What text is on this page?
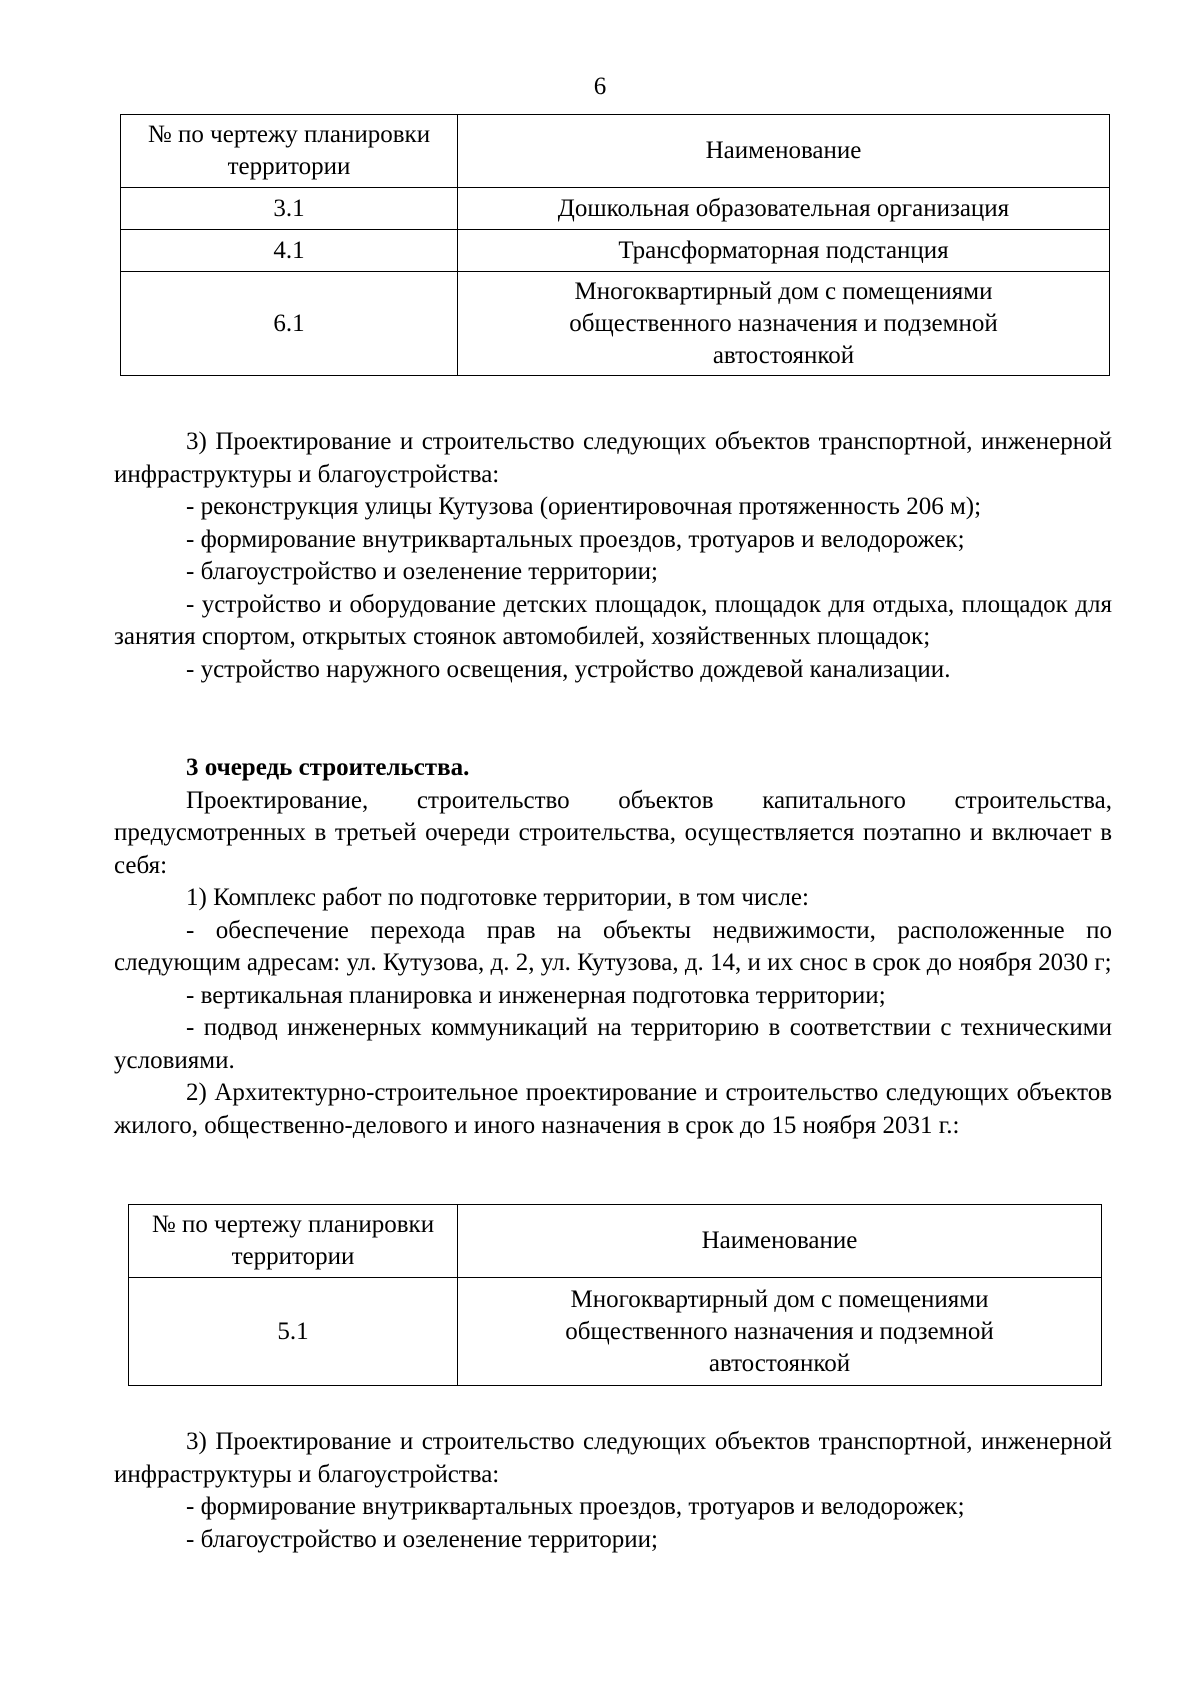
6
№ по чертежу планировки территории	Наименование
3.1	Дошкольная образовательная организация
4.1	Трансформаторная подстанция
6.1	Многоквартирный дом с помещениями общественного назначения и подземной автостоянкой

3) Проектирование и строительство следующих объектов транспортной, инженерной инфраструктуры и благоустройства:

- реконструкция улицы Кутузова (ориентировочная протяженность 206 м);

- формирование внутриквартальных проездов, тротуаров и велодорожек;

- благоустройство и озеленение территории;

- устройство и оборудование детских площадок, площадок для отдыха, площадок для занятия спортом, открытых стоянок автомобилей, хозяйственных площадок;

- устройство наружного освещения, устройство дождевой канализации.

3 очередь строительства.

Проектирование, строительство объектов капитального строительства, предусмотренных в третьей очереди строительства, осуществляется поэтапно и включает в себя:

1) Комплекс работ по подготовке территории, в том числе:

- обеспечение перехода прав на объекты недвижимости, расположенные по следующим адресам: ул. Кутузова, д. 2, ул. Кутузова, д. 14, и их снос в срок до ноября 2030 г;

- вертикальная планировка и инженерная подготовка территории;

- подвод инженерных коммуникаций на территорию в соответствии с техническими условиями.

2) Архитектурно-строительное проектирование и строительство следующих объектов жилого, общественно-делового и иного назначения в срок до 15 ноября 2031 г.:

№ по чертежу планировки территории	Наименование
5.1	Многоквартирный дом с помещениями общественного назначения и подземной автостоянкой

3) Проектирование и строительство следующих объектов транспортной, инженерной инфраструктуры и благоустройства:

- формирование внутриквартальных проездов, тротуаров и велодорожек;

- благоустройство и озеленение территории;
